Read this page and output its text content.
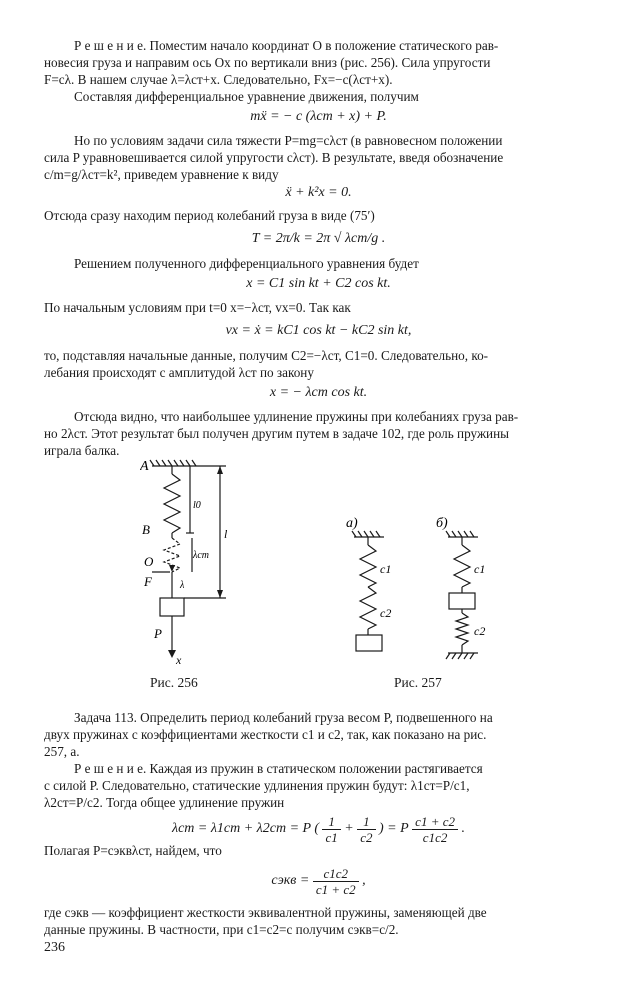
Р е ш е н и е. Поместим начало координат O в положение статического рав-
новесия груза и направим ось Ox по вертикали вниз (рис. 256). Сила упругости
F=cλ. В нашем случае λ=λст+x. Следовательно, Fx=−c(λст+x).
Составляя дифференциальное уравнение движения, получим
mẍ = − c (λст + x) + P.
Но по условиям задачи сила тяжести P=mg=cλст (в равновесном положении
сила P уравновешивается силой упругости cλст). В результате, введя обозначение
c/m=g/λст=k², приведем уравнение к виду
ẍ + k²x = 0.
Отсюда сразу находим период колебаний груза в виде (75′)
T = 2π/k = 2π √ λст/g .
Решением полученного дифференциального уравнения будет
x = C1 sin kt + C2 cos kt.
По начальным условиям при t=0 x=−λст, vx=0. Так как
vx = ẋ = kC1 cos kt − kC2 sin kt,
то, подставляя начальные данные, получим C2=−λст, C1=0. Следовательно, ко-
лебания происходят с амплитудой λст по закону
x = − λст cos kt.
Отсюда видно, что наибольшее удлинение пружины при колебаниях груза рав-
но 2λст. Этот результат был получен другим путем в задаче 102, где роль пружины
играла балка.
A
B
O
F
P
x
l0
λст
l
λ
а)	б)
c1
c2
c1
c2
Рис. 256	Рис. 257
Задача 113. Определить период колебаний груза весом P, подвешенного на
двух пружинах с коэффициентами жесткости c1 и c2, так, как показано на рис.
257, а.
Р е ш е н и е. Каждая из пружин в статическом положении растягивается
с силой P. Следовательно, статические удлинения пружин будут: λ1ст=P/c1,
λ2ст=P/c2. Тогда общее удлинение пружин
λст = λ1ст + λ2ст = P ( $\frac{1}{c1} + \frac{1}{c2}$ ) = P $\frac{c1 + c2}{c1c2}$ .
Полагая P=cэквλст, найдем, что
cэкв = $\frac{c1c2}{c1 + c2}$ ,
где cэкв — коэффициент жесткости эквивалентной пружины, заменяющей две
данные пружины. В частности, при c1=c2=c получим cэкв=c/2.
236
